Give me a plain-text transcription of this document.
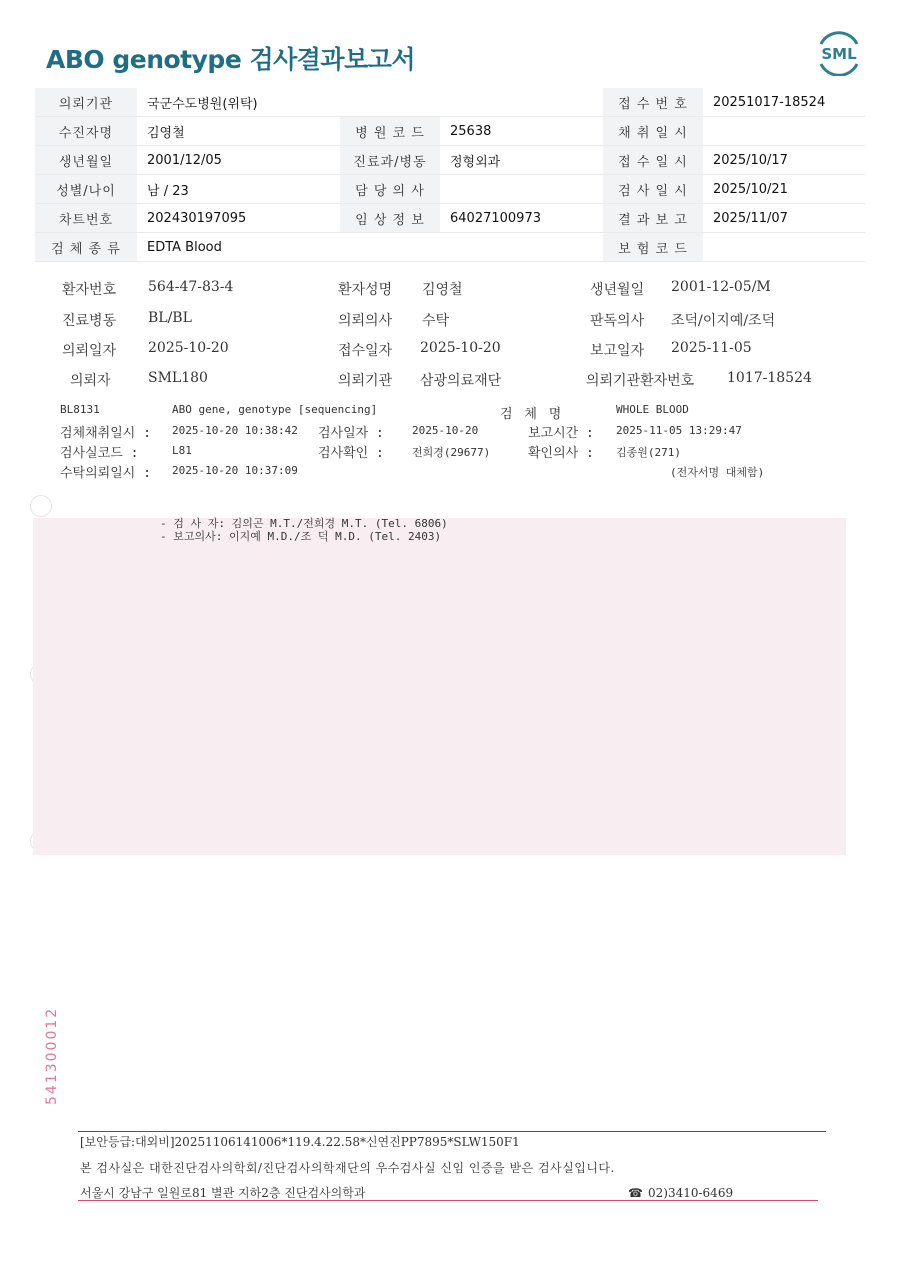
ABO genotype 검사결과보고서	SML
의뢰기관	국군수도병원(위탁)			접 수 번 호	20251017-18524
수진자명	김영철	병 원 코 드	25638	채 취 일 시	
생년월일	2001/12/05	진료과/병동	정형외과	접 수 일 시	2025/10/17
성별/나이	남 / 23	담 당 의 사		검 사 일 시	2025/10/21
차트번호	202430197095	임 상 정 보	64027100973	결 과 보 고	2025/11/07
검 체 종 류	EDTA Blood			보 험 코 드	
환자번호 564-47-83-4	환자성명 김영철	생년월일 2001-12-05/M
진료병동 BL/BL	의뢰의사 수탁	판독의사 조덕/이지예/조덕
의뢰일자 2025-10-20	접수일자 2025-10-20	보고일자 2025-11-05
의뢰자	SML180	의뢰기관 삼광의료재단	의뢰기관환자번호 1017-18524
BL8131	ABO gene, genotype [sequencing]	검 체 명	WHOLE BLOOD
검체채취일시 : 2025-10-20 10:38:42 검사일자 :	2025-10-20	보고시간 : 2025-11-05 13:29:47
검사실코드 :	L81	검사확인 :	전희경(29677)	확인의사 : 김종원(271)
수탁의뢰일시 : 2025-10-20 10:37:09	(전자서명 대체함)
- 검 사 자: 김의곤 M.T./전희경 M.T. (Tel. 6806)
- 보고의사: 이지예 M.D./조 덕 M.D. (Tel. 2403)
541300012
[보안등급:대외비]20251106141006*119.4.22.58*신연진PP7895*SLW150F1
본 검사실은 대한진단검사의학회/진단검사의학재단의 우수검사실 신임 인증을 받은 검사실입니다.
서울시 강남구 일원로81 별관 지하2층 진단검사의학과	☎ 02)3410-6469
